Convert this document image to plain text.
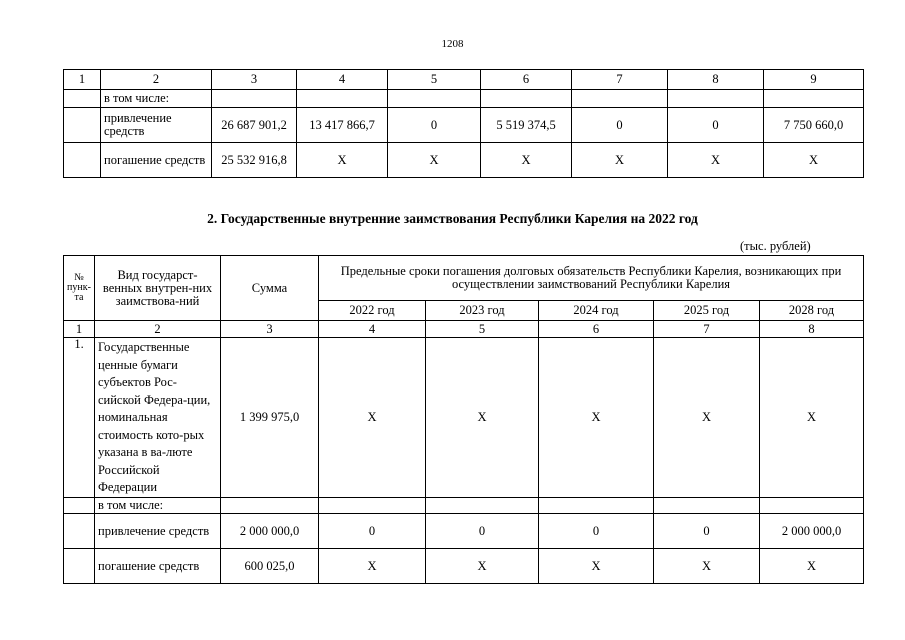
1208
1	2	3	4	5	6	7	8	9
	в том числе:							
	привлечение средств	26 687 901,2	13 417 866,7	0	5 519 374,5	0	0	7 750 660,0
	погашение средств	25 532 916,8	Х	Х	Х	Х	Х	Х
2. Государственные внутренние заимствования Республики Карелия на 2022 год
(тыс. рублей)
№ пунк-та	Вид государст-венных внутрен-них заимствова-ний	Сумма	Предельные сроки погашения долговых обязательств Республики Карелия, возникающих при осуществлении заимствований Республики Карелия				
			2022 год	2023 год	2024 год	2025 год	2028 год
1	2	3	4	5	6	7	8
1.	Государственные ценные бумаги субъектов Рос-сийской Федера-ции, номинальная стоимость кото-рых указана в ва-люте Российской Федерации	1 399 975,0	Х	Х	Х	Х	Х
	в том числе:						
	привлечение средств	2 000 000,0	0	0	0	0	2 000 000,0
	погашение средств	600 025,0	Х	Х	Х	Х	Х
